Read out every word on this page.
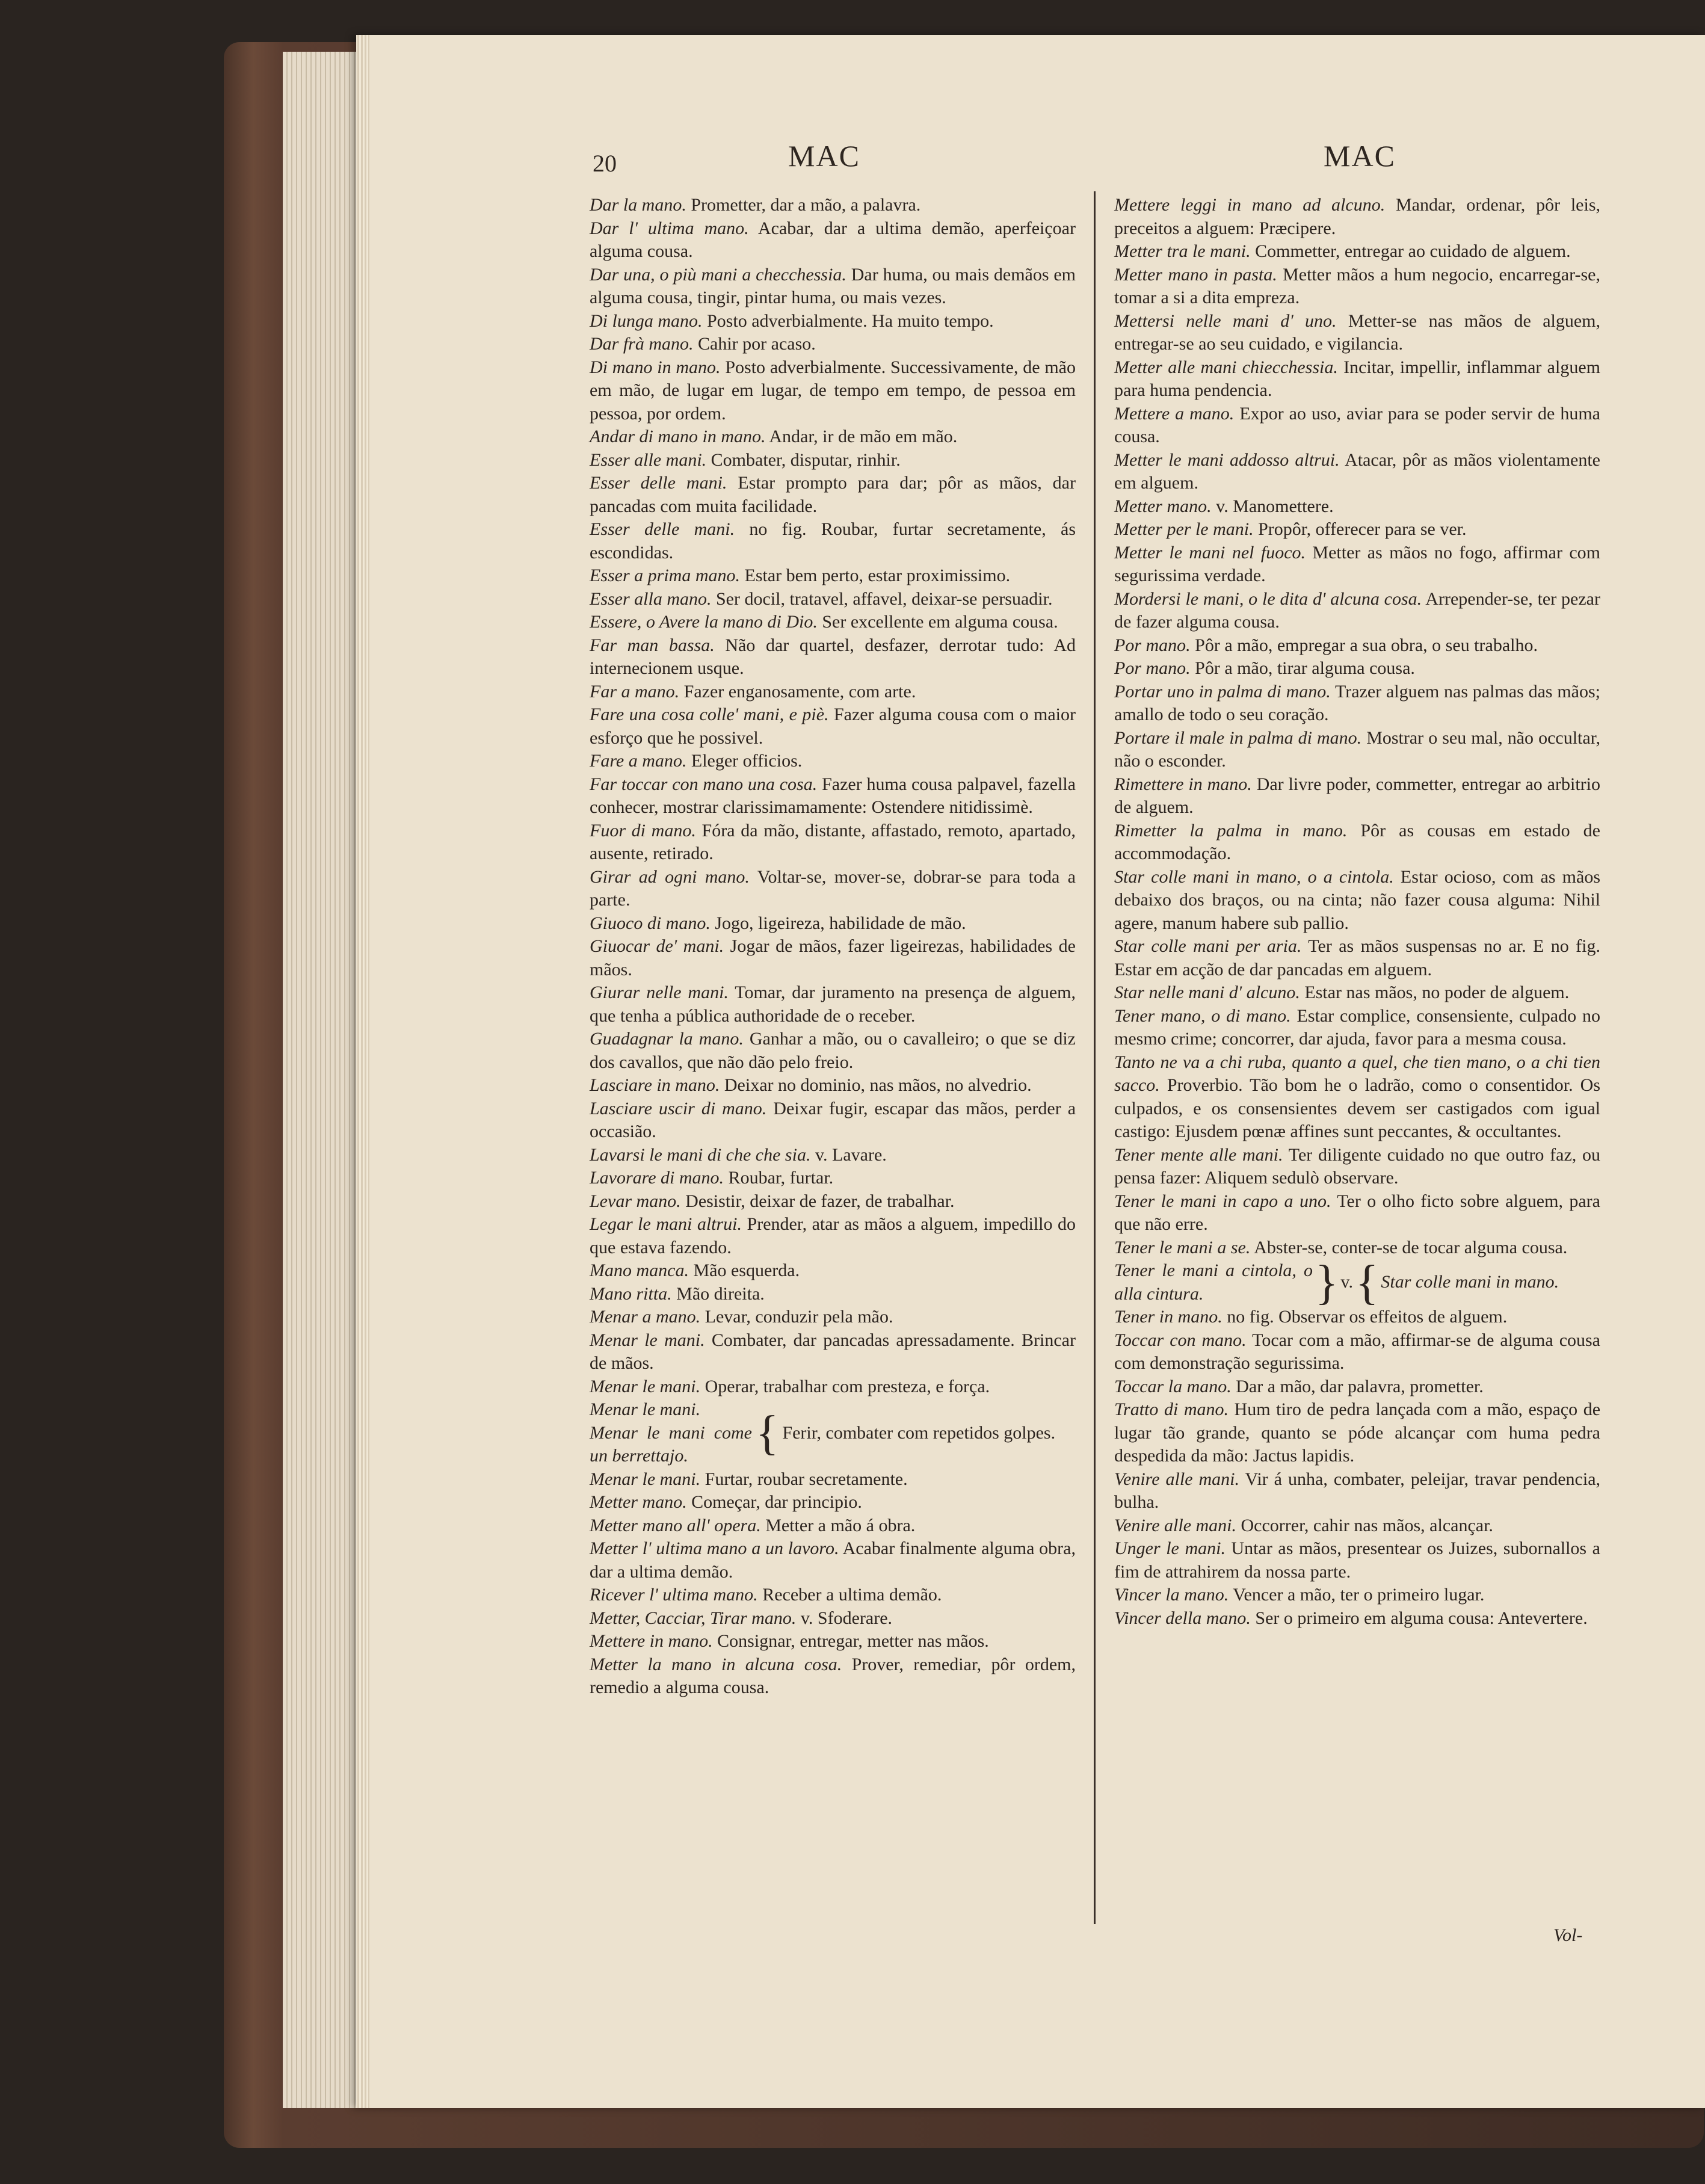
20	MAC	MAC

Dar la mano. Prometter, dar a mão, a palavra.

Dar l' ultima mano. Acabar, dar a ultima demão, aperfeiçoar alguma cousa.

Dar una, o più mani a checchessia. Dar huma, ou mais demãos em alguma cousa, tingir, pintar huma, ou mais vezes.

Di lunga mano. Posto adverbialmente. Ha muito tempo.

Dar frà mano. Cahir por acaso.

Di mano in mano. Posto adverbialmente. Successivamente, de mão em mão, de lugar em lugar, de tempo em tempo, de pessoa em pessoa, por ordem.

Andar di mano in mano. Andar, ir de mão em mão.

Esser alle mani. Combater, disputar, rinhir.

Esser delle mani. Estar prompto para dar; pôr as mãos, dar pancadas com muita facilidade.

Esser delle mani. no fig. Roubar, furtar secretamente, ás escondidas.

Esser a prima mano. Estar bem perto, estar proximissimo.

Esser alla mano. Ser docil, tratavel, affavel, deixar-se persuadir.

Essere, o Avere la mano di Dio. Ser excellente em alguma cousa.

Far man bassa. Não dar quartel, desfazer, derrotar tudo: Ad internecionem usque.

Far a mano. Fazer enganosamente, com arte.

Fare una cosa colle' mani, e piè. Fazer alguma cousa com o maior esforço que he possivel.

Fare a mano. Eleger officios.

Far toccar con mano una cosa. Fazer huma cousa palpavel, fazella conhecer, mostrar clarissimamamente: Ostendere nitidissimè.

Fuor di mano. Fóra da mão, distante, affastado, remoto, apartado, ausente, retirado.

Girar ad ogni mano. Voltar-se, mover-se, dobrar-se para toda a parte.

Giuoco di mano. Jogo, ligeireza, habilidade de mão.

Giuocar de' mani. Jogar de mãos, fazer ligeirezas, habilidades de mãos.

Giurar nelle mani. Tomar, dar juramento na presença de alguem, que tenha a pública authoridade de o receber.

Guadagnar la mano. Ganhar a mão, ou o cavalleiro; o que se diz dos cavallos, que não dão pelo freio.

Lasciare in mano. Deixar no dominio, nas mãos, no alvedrio.

Lasciare uscir di mano. Deixar fugir, escapar das mãos, perder a occasião.

Lavarsi le mani di che che sia. v. Lavare.

Lavorare di mano. Roubar, furtar.

Levar mano. Desistir, deixar de fazer, de trabalhar.

Legar le mani altrui. Prender, atar as mãos a alguem, impedillo do que estava fazendo.

Mano manca. Mão esquerda.

Mano ritta. Mão direita.

Menar a mano. Levar, conduzir pela mão.

Menar le mani. Combater, dar pancadas apressadamente. Brincar de mãos.

Menar le mani. Operar, trabalhar com presteza, e força.

Menar le mani.
Menar le mani come un berrettajo.	{ Ferir, combater com repetidos golpes.

Menar le mani. Furtar, roubar secretamente.

Metter mano. Começar, dar principio.

Metter mano all' opera. Metter a mão á obra.

Metter l' ultima mano a un lavoro. Acabar finalmente alguma obra, dar a ultima demão.

Ricever l' ultima mano. Receber a ultima demão.

Metter, Cacciar, Tirar mano. v. Sfoderare.

Mettere in mano. Consignar, entregar, metter nas mãos.

Metter la mano in alcuna cosa. Prover, remediar, pôr ordem, remedio a alguma cousa.

Mettere leggi in mano ad alcuno. Mandar, ordenar, pôr leis, preceitos a alguem: Præcipere.

Metter tra le mani. Commetter, entregar ao cuidado de alguem.

Metter mano in pasta. Metter mãos a hum negocio, encarregar-se, tomar a si a dita empreza.

Mettersi nelle mani d' uno. Metter-se nas mãos de alguem, entregar-se ao seu cuidado, e vigilancia.

Metter alle mani chiecchessia. Incitar, impellir, inflammar alguem para huma pendencia.

Mettere a mano. Expor ao uso, aviar para se poder servir de huma cousa.

Metter le mani addosso altrui. Atacar, pôr as mãos violentamente em alguem.

Metter mano. v. Manomettere.

Metter per le mani. Propôr, offerecer para se ver.

Metter le mani nel fuoco. Metter as mãos no fogo, affirmar com segurissima verdade.

Mordersi le mani, o le dita d' alcuna cosa. Arrepender-se, ter pezar de fazer alguma cousa.

Por mano. Pôr a mão, empregar a sua obra, o seu trabalho.

Por mano. Pôr a mão, tirar alguma cousa.

Portar uno in palma di mano. Trazer alguem nas palmas das mãos; amallo de todo o seu coração.

Portare il male in palma di mano. Mostrar o seu mal, não occultar, não o esconder.

Rimettere in mano. Dar livre poder, commetter, entregar ao arbitrio de alguem.

Rimetter la palma in mano. Pôr as cousas em estado de accommodação.

Star colle mani in mano, o a cintola. Estar ocioso, com as mãos debaixo dos braços, ou na cinta; não fazer cousa alguma: Nihil agere, manum habere sub pallio.

Star colle mani per aria. Ter as mãos suspensas no ar. E no fig. Estar em acção de dar pancadas em alguem.

Star nelle mani d' alcuno. Estar nas mãos, no poder de alguem.

Tener mano, o di mano. Estar complice, consensiente, culpado no mesmo crime; concorrer, dar ajuda, favor para a mesma cousa.

Tanto ne va a chi ruba, quanto a quel, che tien mano, o a chi tien sacco. Proverbio. Tão bom he o ladrão, como o consentidor. Os culpados, e os consensientes devem ser castigados com igual castigo: Ejusdem pœnæ affines sunt peccantes, & occultantes.

Tener mente alle mani. Ter diligente cuidado no que outro faz, ou pensa fazer: Aliquem sedulò observare.

Tener le mani in capo a uno. Ter o olho ficto sobre alguem, para que não erre.

Tener le mani a se. Abster-se, conter-se de tocar alguma cousa.

Tener le mani a cintola, o alla cintura.	} v. { Star colle mani in mano.

Tener in mano. no fig. Observar os effeitos de alguem.

Toccar con mano. Tocar com a mão, affirmar-se de alguma cousa com demonstração segurissima.

Toccar la mano. Dar a mão, dar palavra, prometter.

Tratto di mano. Hum tiro de pedra lançada com a mão, espaço de lugar tão grande, quanto se póde alcançar com huma pedra despedida da mão: Jactus lapidis.

Venire alle mani. Vir á unha, combater, peleijar, travar pendencia, bulha.

Venire alle mani. Occorrer, cahir nas mãos, alcançar.

Unger le mani. Untar as mãos, presentear os Juizes, subornallos a fim de attrahirem da nossa parte.

Vincer la mano. Vencer a mão, ter o primeiro lugar.

Vincer della mano. Ser o primeiro em alguma cousa: Antevertere.

Vol-
